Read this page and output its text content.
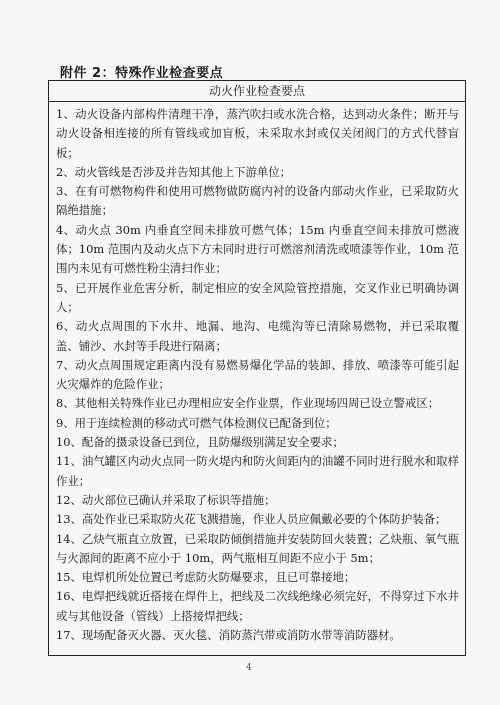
附件 2：特殊作业检查要点
动火作业检查要点

1、动火设备内部构件清理干净，蒸汽吹扫或水洗合格，达到动火条件；断开与动火设备相连接的所有管线或加盲板，未采取水封或仅关闭阀门的方式代替盲板；

2、动火管线是否涉及并告知其他上下游单位；

3、在有可燃物构件和使用可燃物做防腐内衬的设备内部动火作业，已采取防火隔绝措施；

4、动火点 30m 内垂直空间未排放可燃气体；15m 内垂直空间未排放可燃液体；10m 范围内及动火点下方未同时进行可燃溶剂清洗或喷漆等作业，10m 范围内未见有可燃性粉尘清扫作业；

5、已开展作业危害分析，制定相应的安全风险管控措施，交叉作业已明确协调人；

6、动火点周围的下水井、地漏、地沟、电缆沟等已清除易燃物，并已采取覆盖、铺沙、水封等手段进行隔离；

7、动火点周围规定距离内没有易燃易爆化学品的装卸、排放、喷漆等可能引起火灾爆炸的危险作业；

8、其他相关特殊作业已办理相应安全作业票，作业现场四周已设立警戒区；

9、用于连续检测的移动式可燃气体检测仪已配备到位；

10、配备的摄录设备已到位，且防爆级别满足安全要求；

11、油气罐区内动火点同一防火堤内和防火间距内的油罐不同时进行脱水和取样作业；

12、动火部位已确认并采取了标识等措施；

13、高处作业已采取防火花飞溅措施，作业人员应佩戴必要的个体防护装备；

14、乙炔气瓶直立放置，已采取防倾倒措施并安装防回火装置；乙炔瓶、氧气瓶与火源间的距离不应小于 10m，两气瓶相互间距不应小于 5m；

15、电焊机所处位置已考虑防火防爆要求，且已可靠接地；

16、电焊把线就近搭接在焊件上，把线及二次线绝缘必须完好，不得穿过下水井或与其他设备（管线）上搭接焊把线；

17、现场配备灭火器、灭火毯、消防蒸汽带或消防水带等消防器材。

4
